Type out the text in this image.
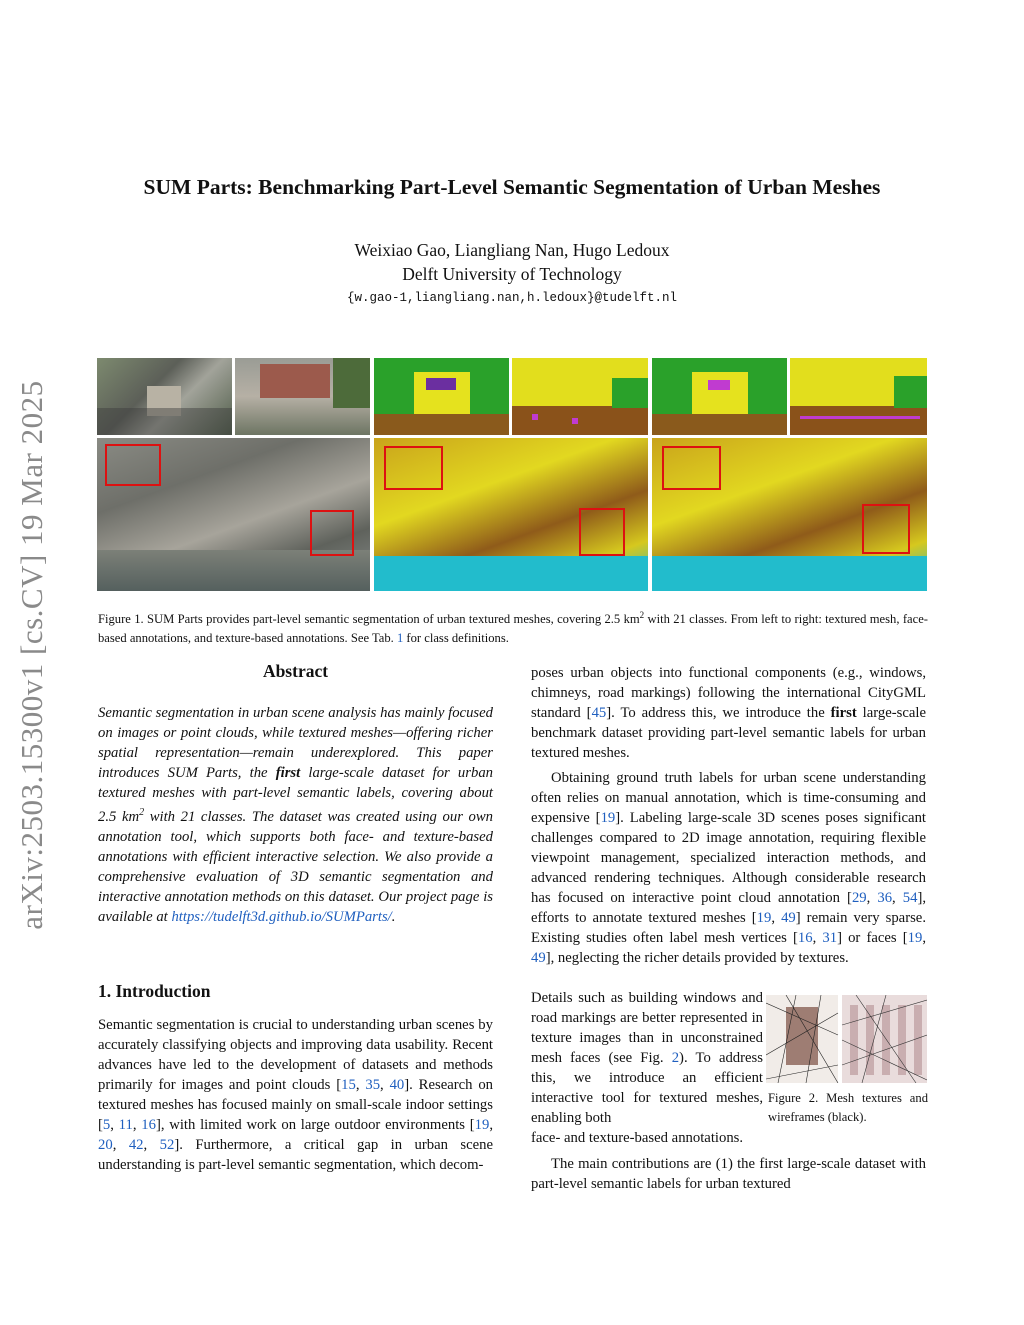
arXiv:2503.15300v1 [cs.CV] 19 Mar 2025
SUM Parts: Benchmarking Part-Level Semantic Segmentation of Urban Meshes
Weixiao Gao, Liangliang Nan, Hugo Ledoux
Delft University of Technology
{w.gao-1,liangliang.nan,h.ledoux}@tudelft.nl
Figure 1. SUM Parts provides part-level semantic segmentation of urban textured meshes, covering 2.5 $km^2$ with 21 classes. From left to right: textured mesh, face-based annotations, and texture-based annotations. See Tab. 1 for class definitions.
Abstract

Semantic segmentation in urban scene analysis has mainly focused on images or point clouds, while textured meshes—offering richer spatial representation—remain underexplored. This paper introduces SUM Parts, the first large-scale dataset for urban textured meshes with part-level semantic labels, covering about 2.5 $km^2$ with 21 classes. The dataset was created using our own annotation tool, which supports both face- and texture-based annotations with efficient interactive selection. We also provide a comprehensive evaluation of 3D semantic segmentation and interactive annotation methods on this dataset. Our project page is available at https://tudelft3d.github.io/SUMParts/.

1. Introduction

Semantic segmentation is crucial to understanding urban scenes by accurately classifying objects and improving data usability. Recent advances have led to the development of datasets and methods primarily for images and point clouds [15, 35, 40]. Research on textured meshes has focused mainly on small-scale indoor settings [5, 11, 16], with limited work on large outdoor environments [19, 20, 42, 52]. Furthermore, a critical gap in urban scene understanding is part-level semantic segmentation, which decom-

poses urban objects into functional components (e.g., windows, chimneys, road markings) following the international CityGML standard [45]. To address this, we introduce the first large-scale benchmark dataset providing part-level semantic labels for urban textured meshes.

Obtaining ground truth labels for urban scene understanding often relies on manual annotation, which is time-consuming and expensive [19]. Labeling large-scale 3D scenes poses significant challenges compared to 2D image annotation, requiring flexible viewpoint management, specialized interaction methods, and advanced rendering techniques. Although considerable research has focused on interactive point cloud annotation [29, 36, 54], efforts to annotate textured meshes [19, 49] remain very sparse. Existing studies often label mesh vertices [16, 31] or faces [19, 49], neglecting the richer details provided by textures.

Details such as building windows and road markings are better represented in texture images than in unconstrained mesh faces (see Fig. 2). To address this, we introduce an efficient interactive tool for textured meshes, enabling both

face- and texture-based annotations.

The main contributions are (1) the first large-scale dataset with part-level semantic labels for urban textured

Figure 2. Mesh textures and wireframes (black).
